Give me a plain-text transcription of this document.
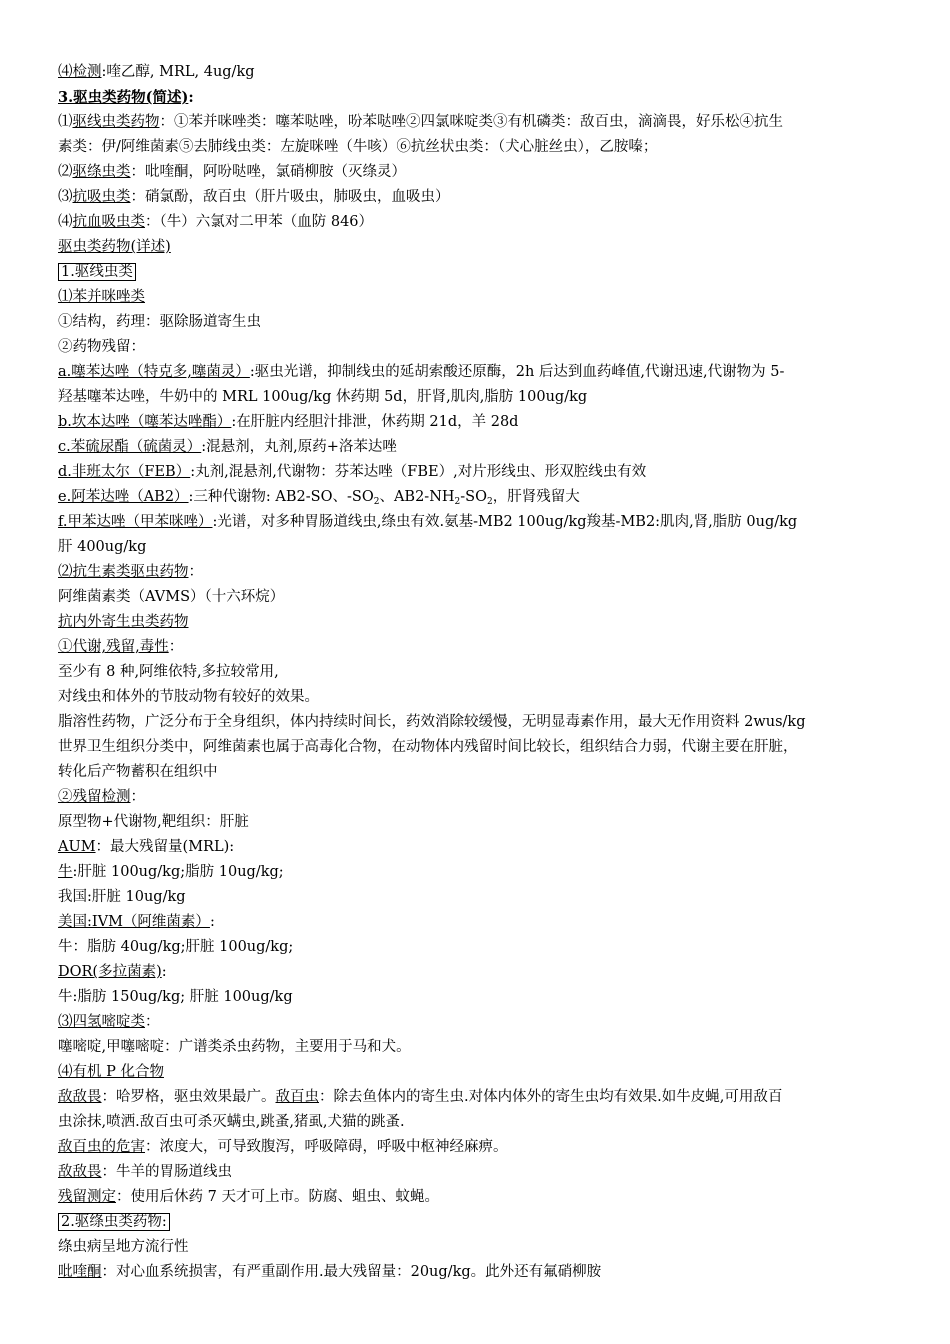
⑷检测:喹乙醇, MRL, 4ug/kg
3.驱虫类药物(简述):
⑴驱线虫类药物：①苯并咪唑类：噻苯哒唑，吩苯哒唑②四氯咪啶类③有机磷类：敌百虫，滴滴畏，好乐松④抗生
素类：伊/阿维菌素⑤去肺线虫类：左旋咪唑（牛咳）⑥抗丝状虫类：（犬心脏丝虫），乙胺嗪；
⑵驱绦虫类：吡喹酮，阿吩哒唑，氯硝柳胺（灭绦灵）
⑶抗吸虫类：硝氯酚，敌百虫（肝片吸虫，肺吸虫，血吸虫）
⑷抗血吸虫类：（牛）六氯对二甲苯（血防 846）
驱虫类药物(详述)
1.驱线虫类
⑴苯并咪唑类
①结构，药理：驱除肠道寄生虫
②药物残留：
a.噻苯达唑（特克多,噻菌灵）:驱虫光谱，抑制线虫的延胡索酸还原酶，2h 后达到血药峰值,代谢迅速,代谢物为 5-
羟基噻苯达唑，牛奶中的 MRL 100ug/kg 休药期 5d，肝肾,肌肉,脂肪 100ug/kg
b.坎本达唑（噻苯达唑酯）:在肝脏内经胆汁排泄，休药期 21d，羊 28d
c.苯硫尿酯（硫菌灵）:混悬剂，丸剂,原药+洛苯达唑
d.非班太尔（FEB）:丸剂,混悬剂,代谢物：芬苯达唑（FBE）,对片形线虫、形双腔线虫有效
e.阿苯达唑（AB2）:三种代谢物: AB2-SO、$-SO_2$、$AB2-NH_2-SO_2$，肝肾残留大
f.甲苯达唑（甲苯咪唑）:光谱，对多种胃肠道线虫,绦虫有效.氨基-MB2 100ug/kg羧基-MB2:肌肉,肾,脂肪 0ug/kg
肝 400ug/kg
⑵抗生素类驱虫药物：
阿维菌素类（AVMS）（十六环烷）
抗内外寄生虫类药物
①代谢,残留,毒性：
至少有 8 种,阿维依特,多拉较常用,
对线虫和体外的节肢动物有较好的效果。
脂溶性药物，广泛分布于全身组织，体内持续时间长，药效消除较缓慢，无明显毒素作用，最大无作用资料 2wus/kg
世界卫生组织分类中，阿维菌素也属于高毒化合物，在动物体内残留时间比较长，组织结合力弱，代谢主要在肝脏，
转化后产物蓄积在组织中
②残留检测：
原型物+代谢物,靶组织：肝脏
AUM：最大残留量(MRL):
牛:肝脏 100ug/kg;脂肪 10ug/kg;
我国:肝脏 10ug/kg
美国:IVM（阿维菌素）:
牛：脂肪 40ug/kg;肝脏 100ug/kg;
DOR(多拉菌素):
牛:脂肪 150ug/kg; 肝脏 100ug/kg
⑶四氢嘧啶类：
噻嘧啶,甲噻嘧啶：广谱类杀虫药物，主要用于马和犬。
⑷有机 P 化合物
敌敌畏：哈罗格，驱虫效果最广。敌百虫：除去鱼体内的寄生虫.对体内体外的寄生虫均有效果.如牛皮蝇,可用敌百
虫涂抹,喷洒.敌百虫可杀灭螨虫,跳蚤,猪虱,犬猫的跳蚤.
敌百虫的危害：浓度大，可导致腹泻，呼吸障碍，呼吸中枢神经麻痹。
敌敌畏：牛羊的胃肠道线虫
残留测定：使用后休药 7 天才可上市。防腐、蛆虫、蚊蝇。
2.驱绦虫类药物:
绦虫病呈地方流行性
吡喹酮：对心血系统损害，有严重副作用.最大残留量：20ug/kg。此外还有氟硝柳胺
